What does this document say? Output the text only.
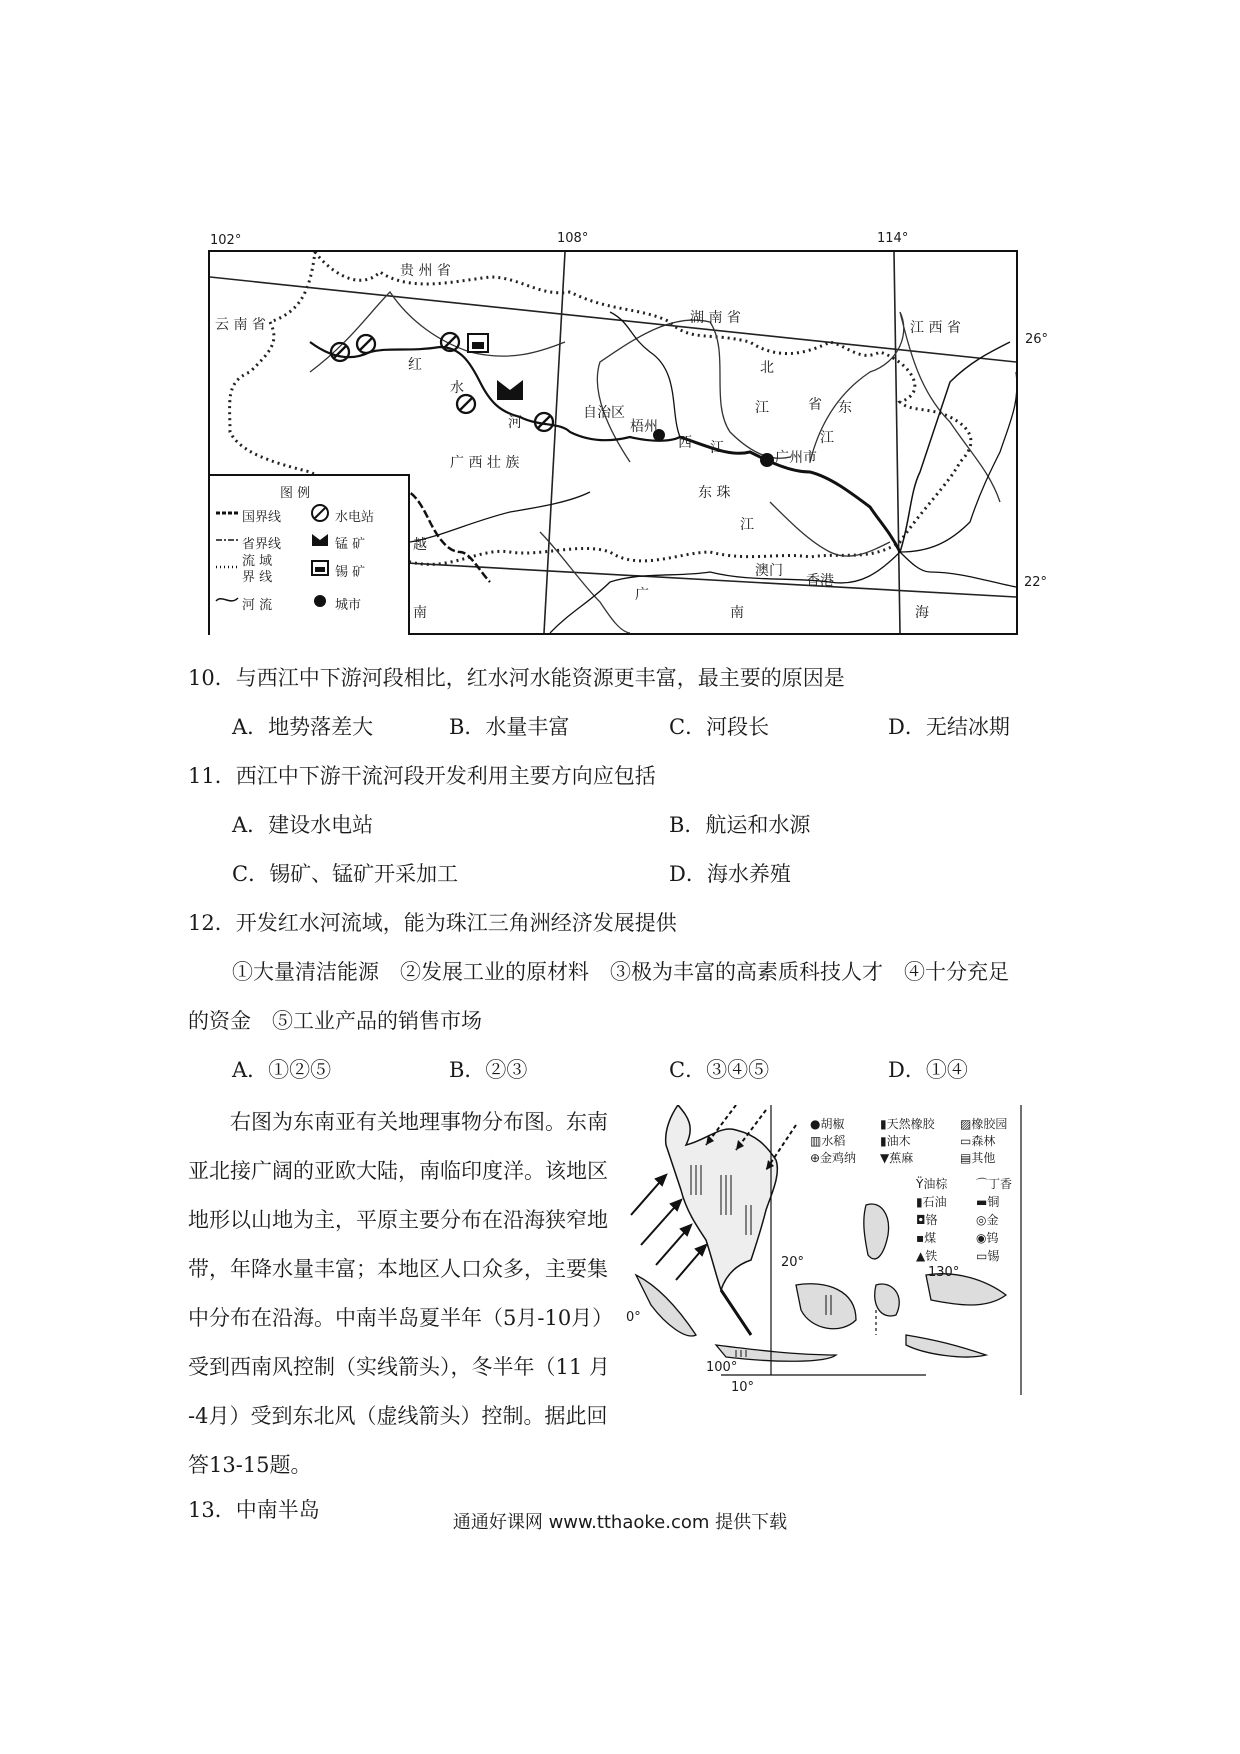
102°	108°	114°
26°
22°
贵 州 省
湖 南 省
江 西 省
云 南 省
红
水
河
自治区
梧州
西 江
北
江
广州市
东
江
省
东 珠
江
广 西 壮 族
越
南
广
南
澳门
香港
海
图 例
国界线
省界线
流 域
界 线
河 流
水电站
锰 矿
锡 矿
城市
10．与西江中下游河段相比，红水河水能资源更丰富，最主要的原因是
A．地势落差大	B．水量丰富	C．河段长	D．无结冰期
11．西江中下游干流河段开发利用主要方向应包括
A．建设水电站	B．航运和水源
C．锡矿、锰矿开采加工	D．海水养殖
12．开发红水河流域，能为珠江三角洲经济发展提供
①大量清洁能源　②发展工业的原材料　③极为丰富的高素质科技人才　④十分充足
的资金　⑤工业产品的销售市场
A．①②⑤	B．②③	C．③④⑤	D．①④
　　右图为东南亚有关地理事物分布图。东南
亚北接广阔的亚欧大陆，南临印度洋。该地区
地形以山地为主，平原主要分布在沿海狭窄地
带，年降水量丰富；本地区人口众多，主要集
中分布在沿海。中南半岛夏半年（5月-10月）
受到西南风控制（实线箭头），冬半年（11 月
-4月）受到东北风（虚线箭头）控制。据此回
答13-15题。
13．中南半岛
20°
130°
0°
100°
10°
●胡椒	▮天然橡胶 ▨橡胶园
▥水稻	▮油木	▭森林
⊕金鸡纳 ▼蕉麻	▤其他
Ϋ油棕 ⌒丁香
▮石油 ▬铜
◘铬	◎金
▪煤	◉钨
▲铁	▭锡
通通好课网 www.tthaoke.com 提供下载
